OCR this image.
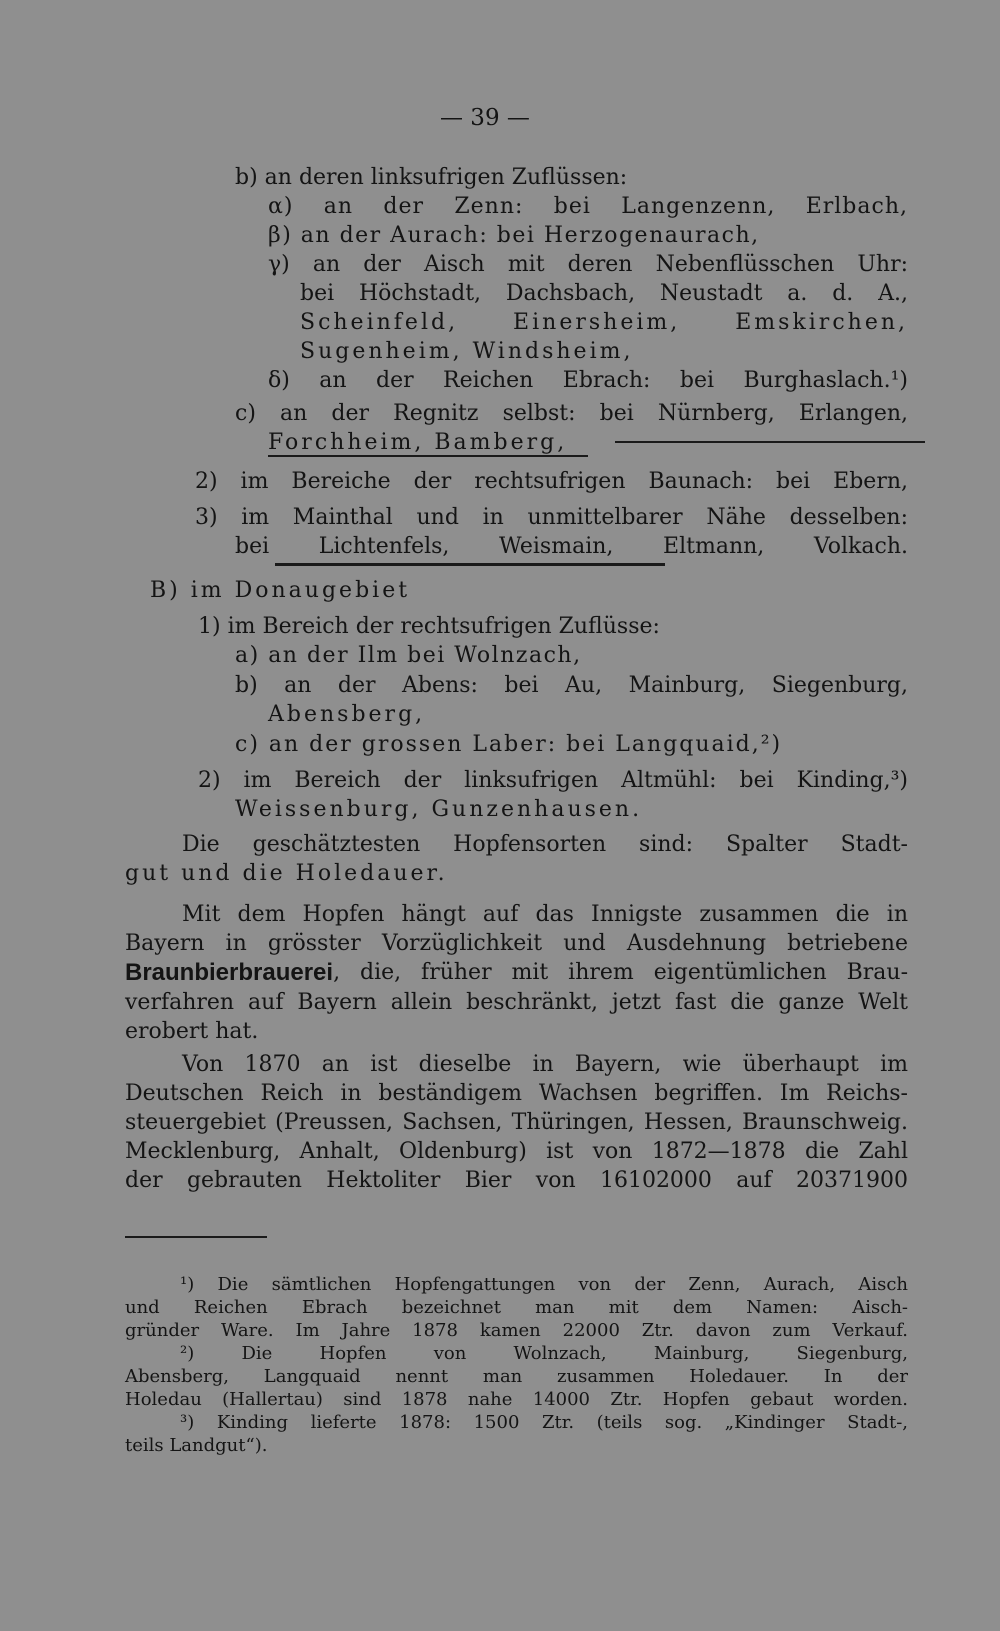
— 39 —
b) an deren linksufrigen Zuflüssen:
α) an der Zenn: bei Langenzenn, Erlbach,
β) an der Aurach: bei Herzogenaurach,
γ) an der Aisch mit deren Nebenflüsschen Uhr:
bei Höchstadt, Dachsbach, Neustadt a. d. A.,
Scheinfeld, Einersheim, Emskirchen,
Sugenheim, Windsheim,
δ) an der Reichen Ebrach: bei Burghaslach.¹)
c) an der Regnitz selbst: bei Nürnberg, Erlangen,
Forchheim, Bamberg,
2) im Bereiche der rechtsufrigen Baunach: bei Ebern,
3) im Mainthal und in unmittelbarer Nähe desselben:
bei Lichtenfels, Weismain, Eltmann, Volkach.
B) im Donaugebiet
1) im Bereich der rechtsufrigen Zuflüsse:
a) an der Ilm bei Wolnzach,
b) an der Abens: bei Au, Mainburg, Siegenburg,
Abensberg,
c) an der grossen Laber: bei Langquaid,²)
2) im Bereich der linksufrigen Altmühl: bei Kinding,³)
Weissenburg, Gunzenhausen.
Die geschätztesten Hopfensorten sind: Spalter Stadt-
gut und die Holedauer.
Mit dem Hopfen hängt auf das Innigste zusammen die in
Bayern in grösster Vorzüglichkeit und Ausdehnung betriebene
Braunbierbrauerei , die, früher mit ihrem eigentümlichen Brau-
verfahren auf Bayern allein beschränkt, jetzt fast die ganze Welt
erobert hat.
Von 1870 an ist dieselbe in Bayern, wie überhaupt im
Deutschen Reich in beständigem Wachsen begriffen. Im Reichs-
steuergebiet (Preussen, Sachsen, Thüringen, Hessen, Braunschweig.
Mecklenburg, Anhalt, Oldenburg) ist von 1872—1878 die Zahl
der gebrauten Hektoliter Bier von 16102000 auf 20371900
¹) Die sämtlichen Hopfengattungen von der Zenn, Aurach, Aisch
und Reichen Ebrach bezeichnet man mit dem Namen: Aisch-
gründer Ware. Im Jahre 1878 kamen 22000 Ztr. davon zum Verkauf.
²) Die Hopfen von Wolnzach, Mainburg, Siegenburg,
Abensberg, Langquaid nennt man zusammen Holedauer. In der
Holedau (Hallertau) sind 1878 nahe 14000 Ztr. Hopfen gebaut worden.
³) Kinding lieferte 1878: 1500 Ztr. (teils sog. „Kindinger Stadt-,
teils Landgut“).
